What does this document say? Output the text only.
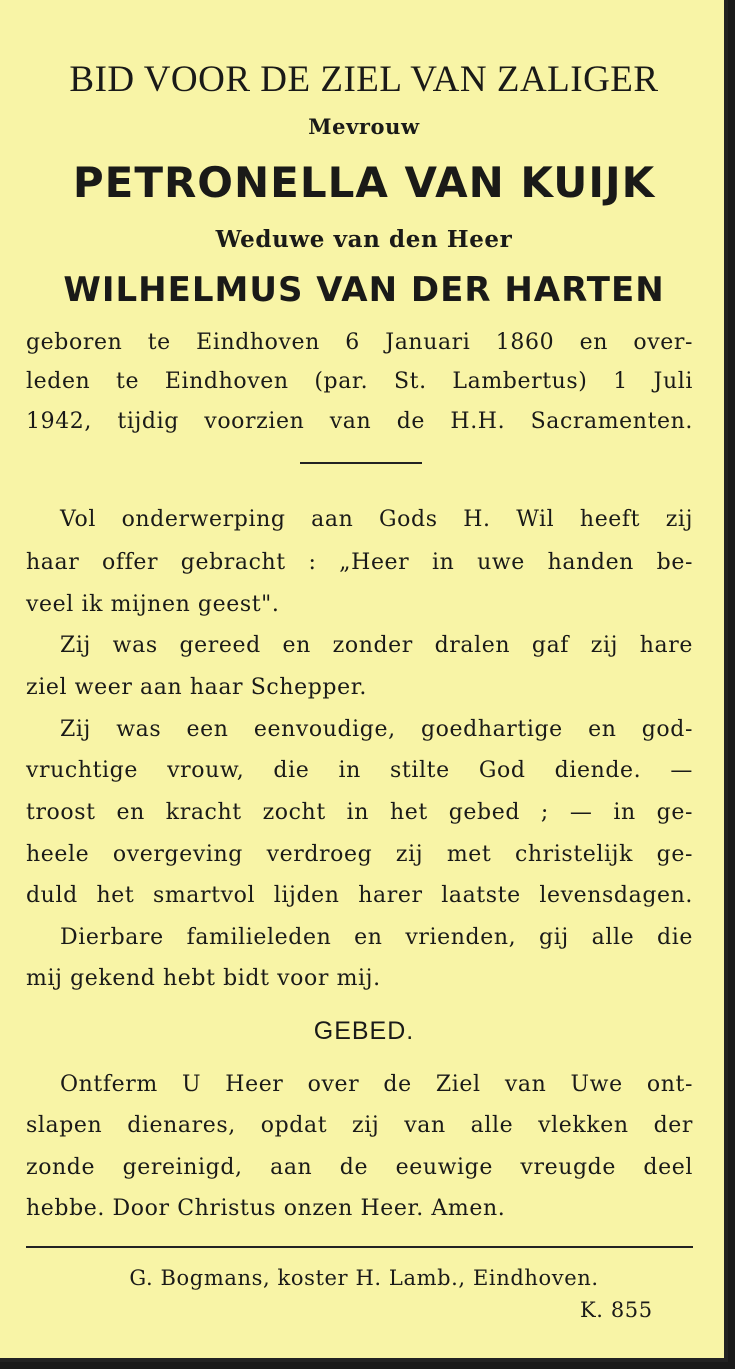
BID VOOR DE ZIEL VAN ZALIGER
Mevrouw
PETRONELLA VAN KUIJK
Weduwe van den Heer
WILHELMUS VAN DER HARTEN
geboren te Eindhoven 6 Januari 1860 en over-
leden te Eindhoven (par. St. Lambertus) 1 Juli
1942, tijdig voorzien van de H.H. Sacramenten.
Vol onderwerping aan Gods H. Wil heeft zij
haar offer gebracht : „Heer in uwe handen be-
veel ik mijnen geest".
Zij was gereed en zonder dralen gaf zij hare
ziel weer aan haar Schepper.
Zij was een eenvoudige, goedhartige en god-
vruchtige vrouw, die in stilte God diende. —
troost en kracht zocht in het gebed ; — in ge-
heele overgeving verdroeg zij met christelijk ge-
duld het smartvol lijden harer laatste levensdagen.
Dierbare familieleden en vrienden, gij alle die
mij gekend hebt bidt voor mij.
GEBED.
Ontferm U Heer over de Ziel van Uwe ont-
slapen dienares, opdat zij van alle vlekken der
zonde gereinigd, aan de eeuwige vreugde deel
hebbe. Door Christus onzen Heer. Amen.
G. Bogmans, koster H. Lamb., Eindhoven.
K. 855
